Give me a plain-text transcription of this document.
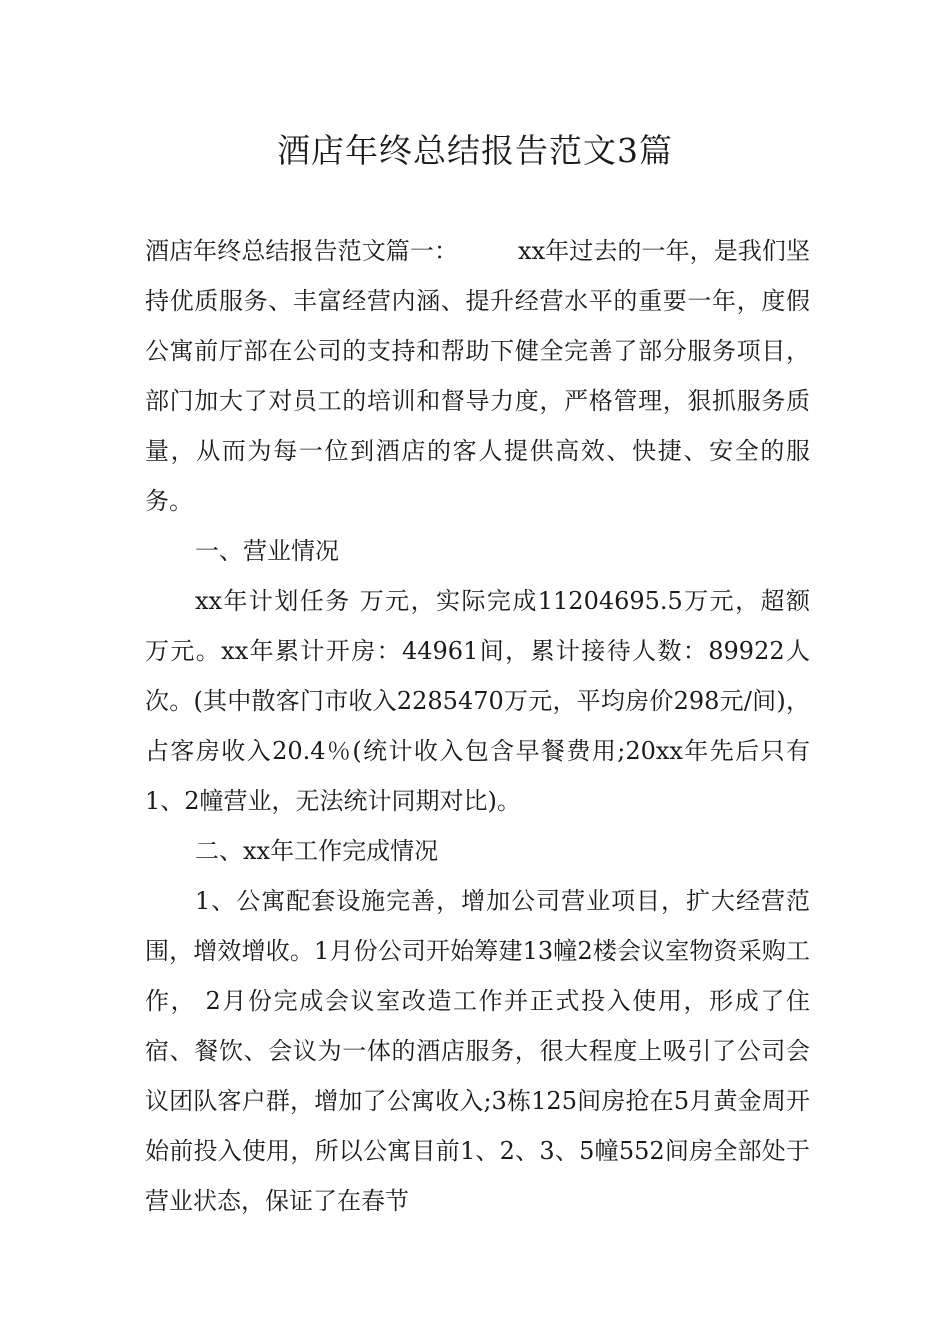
酒店年终总结报告范文3篇

酒店年终总结报告范文篇一：	xx年过去的一年，是我们坚持优质服务、丰富经营内涵、提升经营水平的重要一年，度假公寓前厅部在公司的支持和帮助下健全完善了部分服务项目，部门加大了对员工的培训和督导力度，严格管理，狠抓服务质量，从而为每一位到酒店的客人提供高效、快捷、安全的服务。

一、营业情况

xx年计划任务 万元，实际完成11204695.5万元，超额 万元。xx年累计开房：44961间，累计接待人数：89922人次。(其中散客门市收入2285470万元，平均房价298元/间)，占客房收入20.4％(统计收入包含早餐费用;20xx年先后只有1、2幢营业，无法统计同期对比)。

二、xx年工作完成情况

1、公寓配套设施完善，增加公司营业项目，扩大经营范围，增效增收。1月份公司开始筹建13幢2楼会议室物资采购工作， 2月份完成会议室改造工作并正式投入使用，形成了住宿、餐饮、会议为一体的酒店服务，很大程度上吸引了公司会议团队客户群，增加了公寓收入;3栋125间房抢在5月黄金周开始前投入使用，所以公寓目前1、2、3、5幢552间房全部处于营业状态，保证了在春节
